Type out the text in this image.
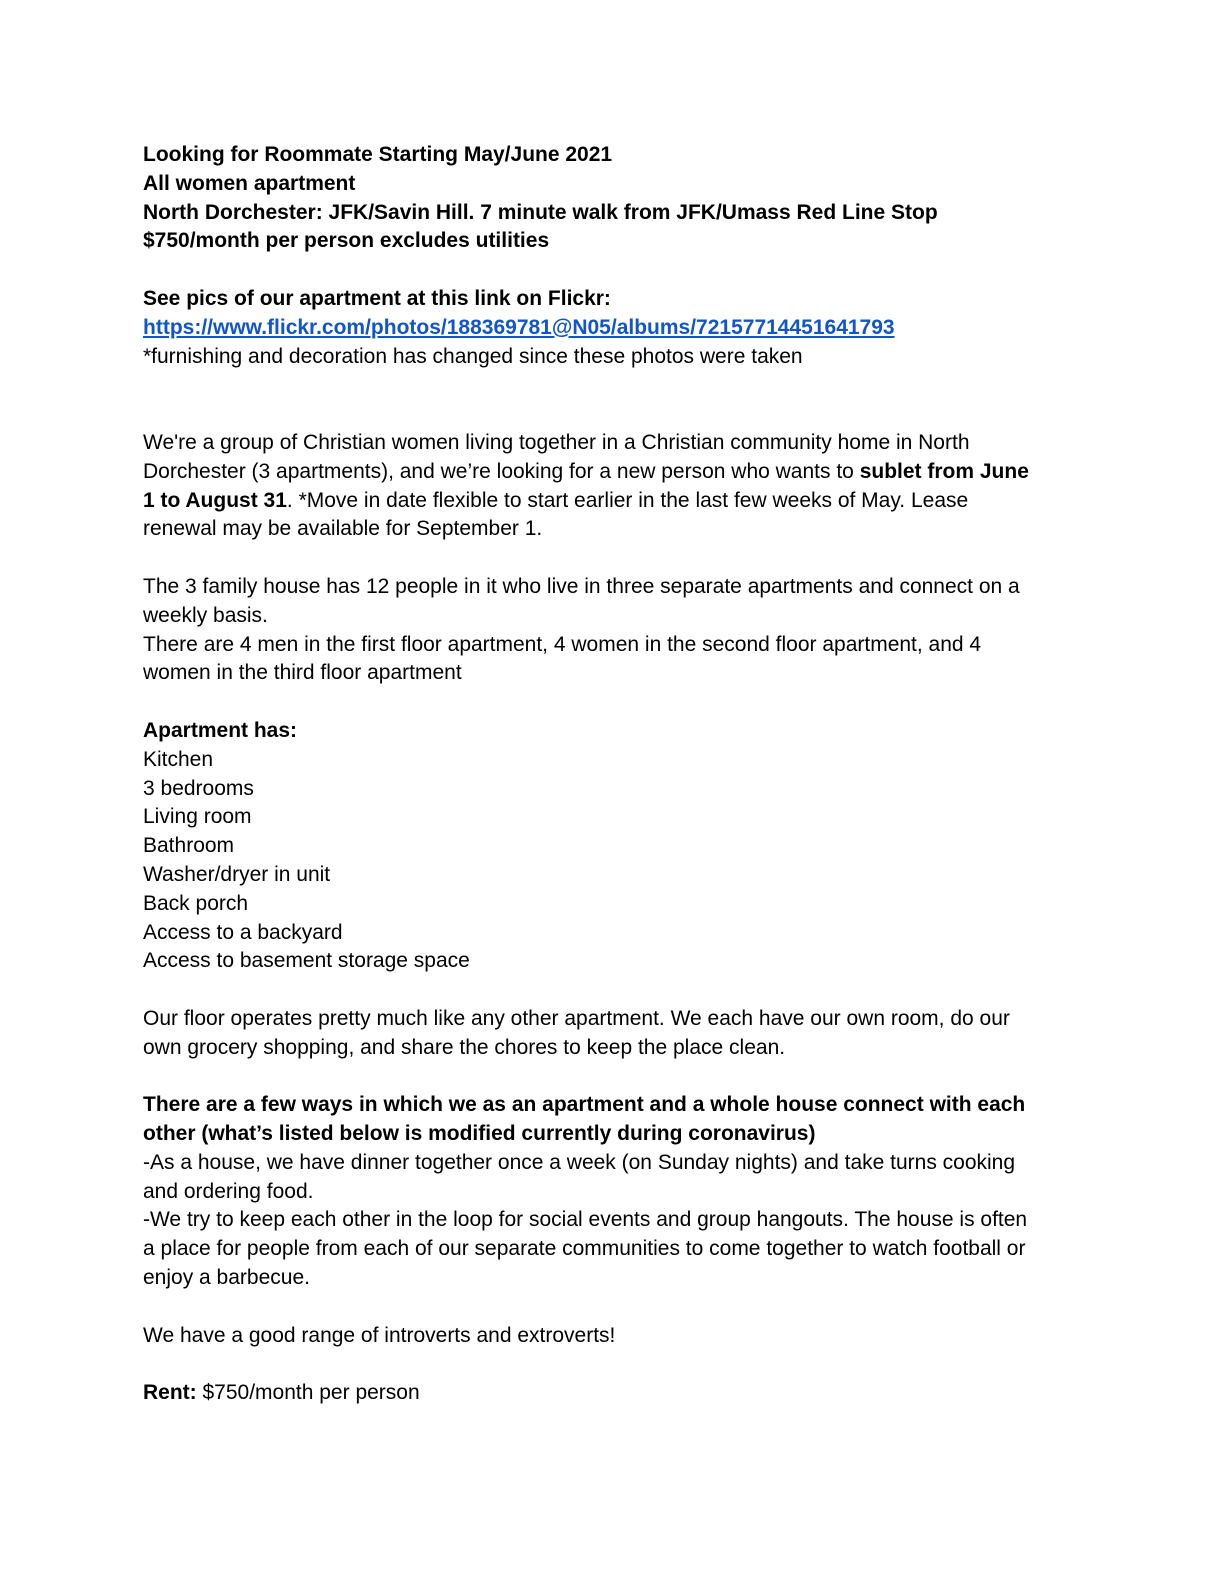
Looking for Roommate Starting May/June 2021
All women apartment
North Dorchester: JFK/Savin Hill. 7 minute walk from JFK/Umass Red Line Stop
$750/month per person excludes utilities
See pics of our apartment at this link on Flickr:
https://www.flickr.com/photos/188369781@N05/albums/72157714451641793
*furnishing and decoration has changed since these photos were taken
We're a group of Christian women living together in a Christian community home in North
Dorchester (3 apartments), and we’re looking for a new person who wants to sublet from June
1 to August 31. *Move in date flexible to start earlier in the last few weeks of May. Lease
renewal may be available for September 1.
The 3 family house has 12 people in it who live in three separate apartments and connect on a
weekly basis.
There are 4 men in the first floor apartment, 4 women in the second floor apartment, and 4
women in the third floor apartment
Apartment has:
Kitchen
3 bedrooms
Living room
Bathroom
Washer/dryer in unit
Back porch
Access to a backyard
Access to basement storage space
Our floor operates pretty much like any other apartment. We each have our own room, do our
own grocery shopping, and share the chores to keep the place clean.
There are a few ways in which we as an apartment and a whole house connect with each
other (what’s listed below is modified currently during coronavirus)
-As a house, we have dinner together once a week (on Sunday nights) and take turns cooking
and ordering food.
-We try to keep each other in the loop for social events and group hangouts. The house is often
a place for people from each of our separate communities to come together to watch football or
enjoy a barbecue.
We have a good range of introverts and extroverts!
Rent: $750/month per person
